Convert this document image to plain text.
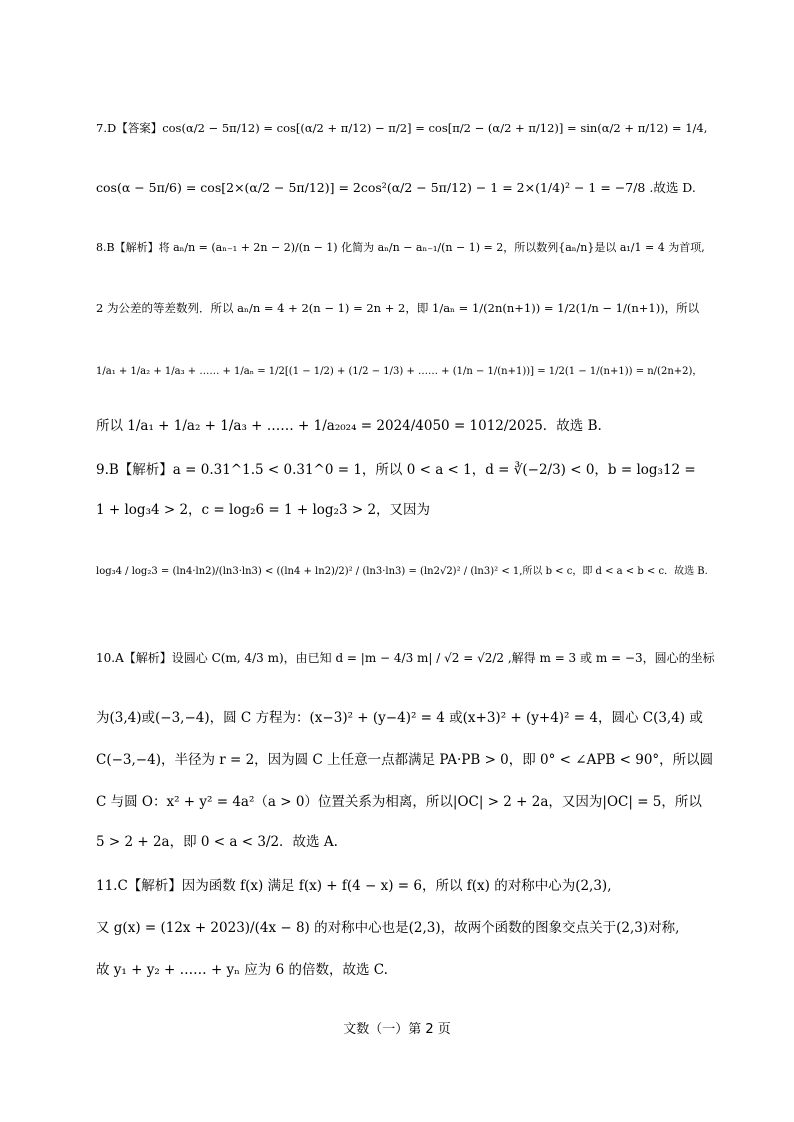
7.D【答案】cos(α/2 − 5π/12) = cos[(α/2 + π/12) − π/2] = cos[π/2 − (α/2 + π/12)] = sin(α/2 + π/12) = 1/4,
cos(α − 5π/6) = cos[2×(α/2 − 5π/12)] = 2cos²(α/2 − 5π/12) − 1 = 2×(1/4)² − 1 = −7/8 .故选 D.
8.B【解析】将 aₙ/n = (aₙ₋₁ + 2n − 2)/(n − 1) 化简为 aₙ/n − aₙ₋₁/(n − 1) = 2，所以数列{aₙ/n}是以 a₁/1 = 4 为首项,
2 为公差的等差数列．所以 aₙ/n = 4 + 2(n − 1) = 2n + 2，即 1/aₙ = 1/(2n(n+1)) = 1/2(1/n − 1/(n+1))，所以
1/a₁ + 1/a₂ + 1/a₃ + …… + 1/aₙ = 1/2[(1 − 1/2) + (1/2 − 1/3) + …… + (1/n − 1/(n+1))] = 1/2(1 − 1/(n+1)) = n/(2n+2)，
所以 1/a₁ + 1/a₂ + 1/a₃ + …… + 1/a₂₀₂₄ = 2024/4050 = 1012/2025．故选 B.
9.B【解析】a = 0.31^1.5 < 0.31^0 = 1，所以 0 < a < 1，d = ∛(−2/3) < 0，b = log₃12 =
1 + log₃4 > 2，c = log₂6 = 1 + log₂3 > 2，又因为
log₃4 / log₂3 = (ln4·ln2)/(ln3·ln3) < ((ln4 + ln2)/2)² / (ln3·ln3) = (ln2√2)² / (ln3)² < 1,所以 b < c，即 d < a < b < c．故选 B.
10.A【解析】设圆心 C(m, 4/3 m)，由已知 d = |m − 4/3 m| / √2 = √2/2 ,解得 m = 3 或 m = −3，圆心的坐标
为(3,4)或(−3,−4)，圆 C 方程为：(x−3)² + (y−4)² = 4 或(x+3)² + (y+4)² = 4，圆心 C(3,4) 或
C(−3,−4)，半径为 r = 2，因为圆 C 上任意一点都满足 PA·PB > 0，即 0° < ∠APB < 90°，所以圆
C 与圆 O：x² + y² = 4a²（a > 0）位置关系为相离，所以|OC| > 2 + 2a，又因为|OC| = 5，所以
5 > 2 + 2a，即 0 < a < 3/2．故选 A.
11.C【解析】因为函数 f(x) 满足 f(x) + f(4 − x) = 6，所以 f(x) 的对称中心为(2,3),
又 g(x) = (12x + 2023)/(4x − 8) 的对称中心也是(2,3)，故两个函数的图象交点关于(2,3)对称,
故 y₁ + y₂ + …… + yₙ 应为 6 的倍数，故选 C.
文数（一）第 2 页
